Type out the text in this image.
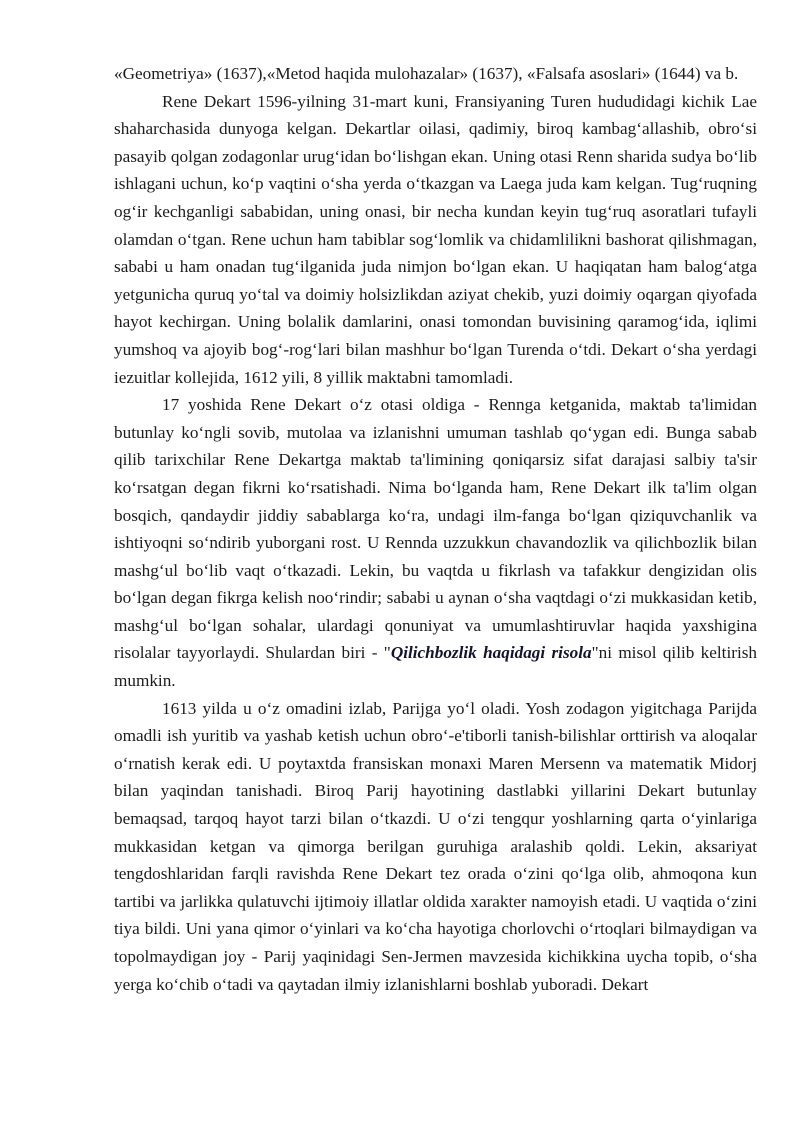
«Geometriya» (1637),«Metod haqida mulohazalar» (1637), «Falsafa asoslari» (1644) va b.

Rene Dekart 1596-yilning 31-mart kuni, Fransiyaning Turen hududidagi kichik Lae shaharchasida dunyoga kelgan. Dekartlar oilasi, qadimiy, biroq kambag‘allashib, obro‘si pasayib qolgan zodagonlar urug‘idan bo‘lishgan ekan. Uning otasi Renn sharida sudya bo‘lib ishlagani uchun, ko‘p vaqtini o‘sha yerda o‘tkazgan va Laega juda kam kelgan. Tug‘ruqning og‘ir kechganligi sababidan, uning onasi, bir necha kundan keyin tug‘ruq asoratlari tufayli olamdan o‘tgan. Rene uchun ham tabiblar sog‘lomlik va chidamlilikni bashorat qilishmagan, sababi u ham onadan tug‘ilganida juda nimjon bo‘lgan ekan. U haqiqatan ham balog‘atga yetgunicha quruq yo‘tal va doimiy holsizlikdan aziyat chekib, yuzi doimiy oqargan qiyofada hayot kechirgan. Uning bolalik damlarini, onasi tomondan buvisining qaramog‘ida, iqlimi yumshoq va ajoyib bog‘-rog‘lari bilan mashhur bo‘lgan Turenda o‘tdi. Dekart o‘sha yerdagi iezuitlar kollejida, 1612 yili, 8 yillik maktabni tamomladi.

17 yoshida Rene Dekart o‘z otasi oldiga - Rennga ketganida, maktab ta'limidan butunlay ko‘ngli sovib, mutolaa va izlanishni umuman tashlab qo‘ygan edi. Bunga sabab qilib tarixchilar Rene Dekartga maktab ta'limining qoniqarsiz sifat darajasi salbiy ta'sir ko‘rsatgan degan fikrni ko‘rsatishadi. Nima bo‘lganda ham, Rene Dekart ilk ta'lim olgan bosqich, qandaydir jiddiy sabablarga ko‘ra, undagi ilm-fanga bo‘lgan qiziquvchanlik va ishtiyoqni so‘ndirib yuborgani rost. U Rennda uzzukkun chavandozlik va qilichbozlik bilan mashg‘ul bo‘lib vaqt o‘tkazadi. Lekin, bu vaqtda u fikrlash va tafakkur dengizidan olis bo‘lgan degan fikrga kelish noo‘rindir; sababi u aynan o‘sha vaqtdagi o‘zi mukkasidan ketib, mashg‘ul bo‘lgan sohalar, ulardagi qonuniyat va umumlashtiruvlar haqida yaxshigina risolalar tayyorlaydi. Shulardan biri - "Qilichbozlik haqidagi risola"ni misol qilib keltirish mumkin.

1613 yilda u o‘z omadini izlab, Parijga yo‘l oladi. Yosh zodagon yigitchaga Parijda omadli ish yuritib va yashab ketish uchun obro‘-e'tiborli tanish-bilishlar orttirish va aloqalar o‘rnatish kerak edi. U poytaxtda fransiskan monaxi Maren Mersenn va matematik Midorj bilan yaqindan tanishadi. Biroq Parij hayotining dastlabki yillarini Dekart butunlay bemaqsad, tarqoq hayot tarzi bilan o‘tkazdi. U o‘zi tengqur yoshlarning qarta o‘yinlariga mukkasidan ketgan va qimorga berilgan guruhiga aralashib qoldi. Lekin, aksariyat tengdoshlaridan farqli ravishda Rene Dekart tez orada o‘zini qo‘lga olib, ahmoqona kun tartibi va jarlikka qulatuvchi ijtimoiy illatlar oldida xarakter namoyish etadi. U vaqtida o‘zini tiya bildi. Uni yana qimor o‘yinlari va ko‘cha hayotiga chorlovchi o‘rtoqlari bilmaydigan va topolmaydigan joy - Parij yaqinidagi Sen-Jermen mavzesida kichikkina uycha topib, o‘sha yerga ko‘chib o‘tadi va qaytadan ilmiy izlanishlarni boshlab yuboradi. Dekart
